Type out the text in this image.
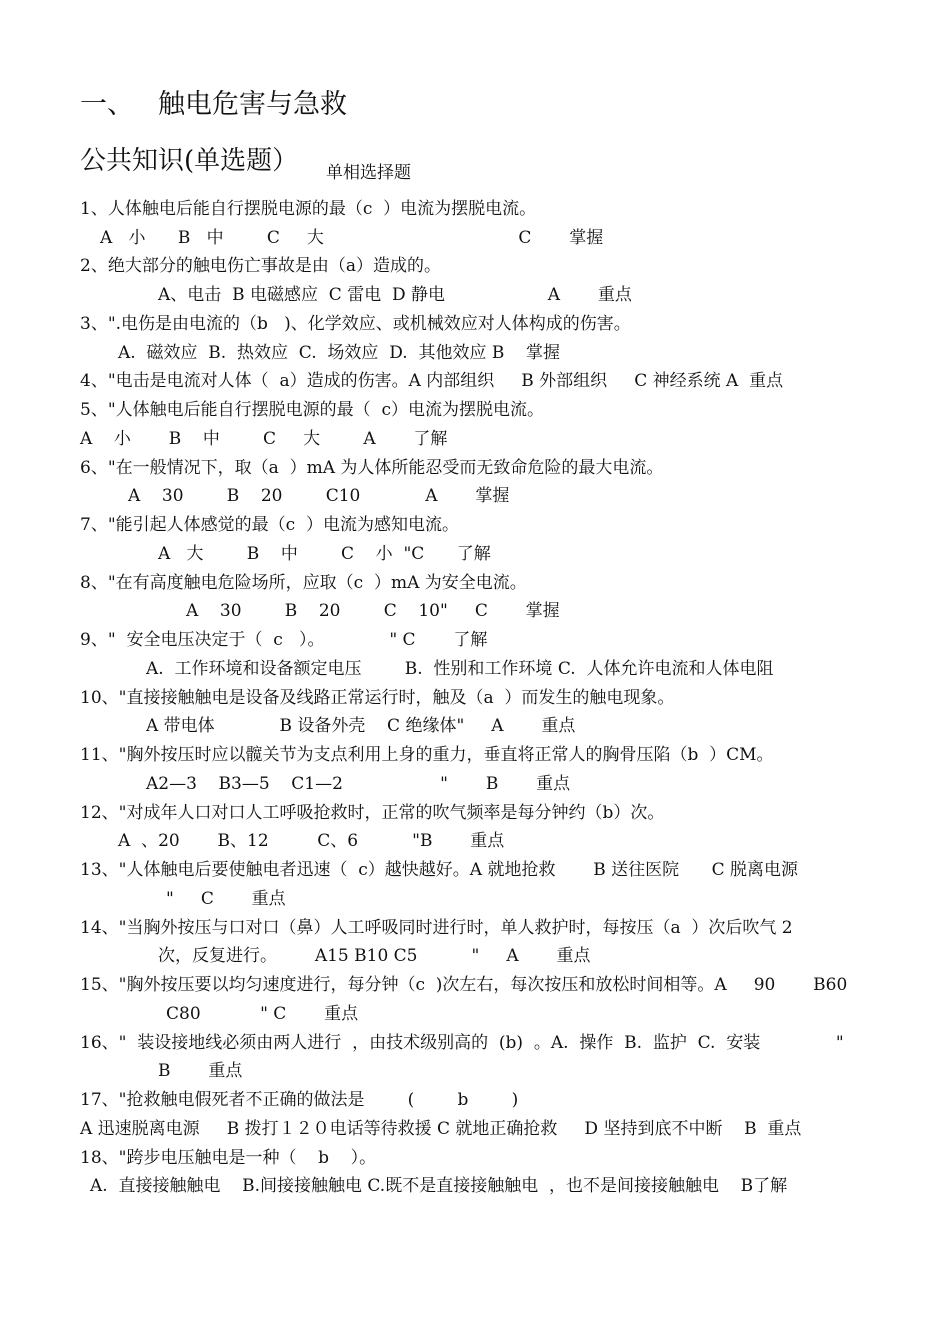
一、 触电危害与急救
公共知识(单选题） 单相选择题
1、人体触电后能自行摆脱电源的最（c  ）电流为摆脱电流。
A   小      B   中        C     大                                    C       掌握
2、绝大部分的触电伤亡事故是由（a）造成的。
A、电击  B 电磁感应  C 雷电  D 静电                   A       重点
3、".电伤是由电流的（b   )、化学效应、或机械效应对人体构成的伤害。
A.  磁效应  B.  热效应  C.  场效应  D.  其他效应 B    掌握
4、"电击是电流对人体（  a）造成的伤害。A 内部组织     B 外部组织     C 神经系统 A  重点
5、"人体触电后能自行摆脱电源的最（  c）电流为摆脱电流。
A    小       B    中        C     大        A       了解
6、"在一般情况下，取（a  ）mA 为人体所能忍受而无致命危险的最大电流。
A    30        B    20        C10            A       掌握
7、"能引起人体感觉的最（c  ）电流为感知电流。
A   大        B    中        C    小  "C      了解
8、"在有高度触电危险场所，应取（c  ）mA 为安全电流。
A    30        B    20        C    10"     C       掌握
9、"  安全电压决定于（  c   ）。            " C       了解
A.  工作环境和设备额定电压        B.  性别和工作环境 C.  人体允许电流和人体电阻
10、"直接接触触电是设备及线路正常运行时，触及（a  ）而发生的触电现象。
A 带电体            B 设备外壳    C 绝缘体"     A       重点
11、"胸外按压时应以髋关节为支点利用上身的重力，垂直将正常人的胸骨压陷（b  ）CM。
A2—3    B3—5    C1—2                  "       B       重点
12、"对成年人口对口人工呼吸抢救时，正常的吹气频率是每分钟约（b）次。
A  、20       B、12         C、6          "B       重点
13、"人体触电后要使触电者迅速（  c）越快越好。A 就地抢救       B 送往医院      C 脱离电源
"     C       重点
14、"当胸外按压与口对口（鼻）人工呼吸同时进行时，单人救护时，每按压（a  ）次后吹气 2
次，反复进行。       A15 B10 C5          "     A       重点
15、"胸外按压要以均匀速度进行，每分钟（c  )次左右，每次按压和放松时间相等。A     90       B60
C80           " C       重点
16、"  装设接地线必须由两人进行  ，由技术级别高的  (b)  。A.  操作  B.  监护  C.  安装              "
B       重点
17、"抢救触电假死者不正确的做法是        (        b        )
A 迅速脱离电源     B 拨打１２０电话等待救援 C 就地正确抢救     D 坚持到底不中断    B  重点
18、"跨步电压触电是一种（    b    ）。
A.  直接接触触电    B.间接接触触电 C.既不是直接接触触电  ，也不是间接接触触电    B了解
